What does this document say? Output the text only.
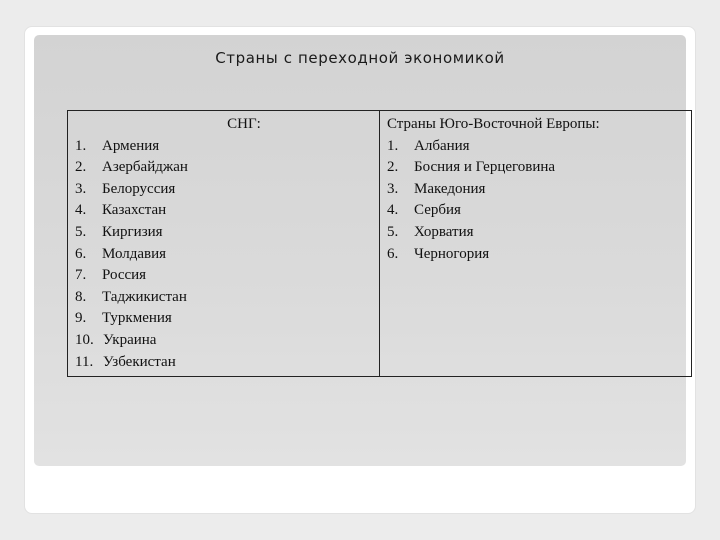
Страны с переходной экономикой
СНГ:
1.	Армения
2.	Азербайджан
3.	Белоруссия
4.	Казахстан
5.	Киргизия
6.	Молдавия
7.	Россия
8.	Таджикистан
9.	Туркмения
10. Украина
11. Узбекистан

Страны Юго-Восточной Европы:
1.	Албания
2.	Босния и Герцеговина
3.	Македония
4.	Сербия
5.	Хорватия
6.	Черногория
